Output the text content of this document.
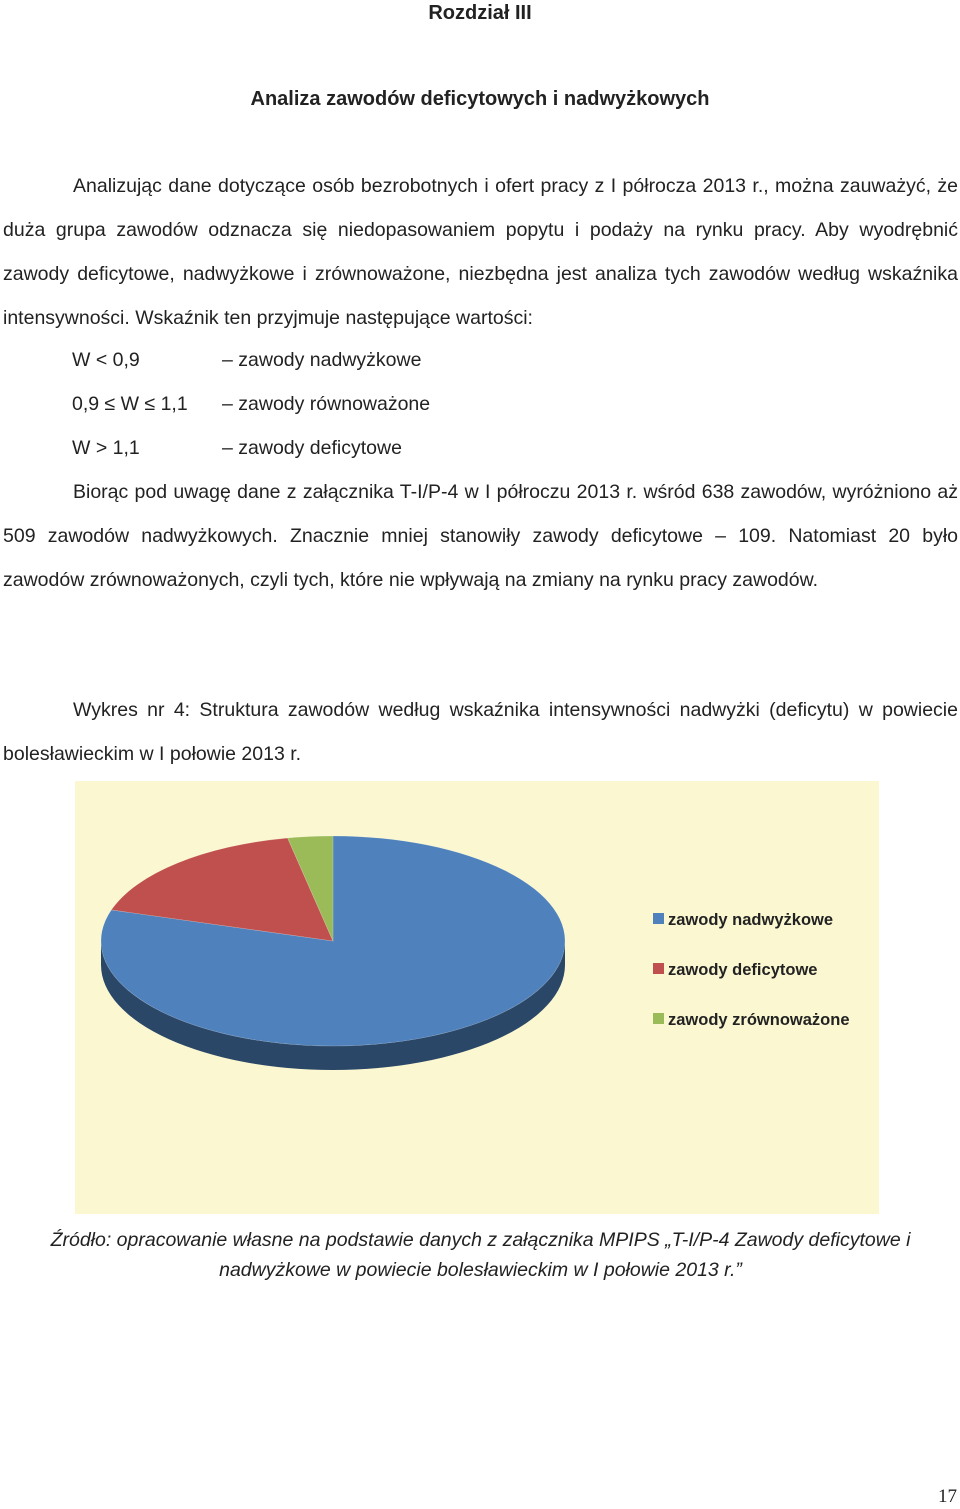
Rozdział III
Analiza zawodów deficytowych i nadwyżkowych
Analizując dane dotyczące osób bezrobotnych i ofert pracy z I półrocza 2013 r., można zauważyć, że duża grupa zawodów odznacza się niedopasowaniem popytu i podaży na rynku pracy. Aby wyodrębnić zawody deficytowe, nadwyżkowe i zrównoważone, niezbędna jest analiza tych zawodów według wskaźnika intensywności. Wskaźnik ten przyjmuje następujące wartości:
W < 0,9	– zawody nadwyżkowe
0,9 ≤ W ≤ 1,1 – zawody równoważone
W > 1,1	– zawody deficytowe
Biorąc pod uwagę dane z załącznika T-I/P-4 w I półroczu 2013 r. wśród 638 zawodów, wyróżniono aż 509 zawodów nadwyżkowych. Znacznie mniej stanowiły zawody deficytowe – 109. Natomiast 20 było zawodów zrównoważonych, czyli tych, które nie wpływają na zmiany na rynku pracy zawodów.
Wykres nr 4: Struktura zawodów według wskaźnika intensywności nadwyżki (deficytu) w powiecie bolesławieckim w I połowie 2013 r.
zawody nadwyżkowe
zawody deficytowe
zawody zrównoważone
Źródło: opracowanie własne na podstawie danych z załącznika MPIPS „T-I/P-4 Zawody deficytowe i nadwyżkowe w powiecie bolesławieckim w I połowie 2013 r.”
17
